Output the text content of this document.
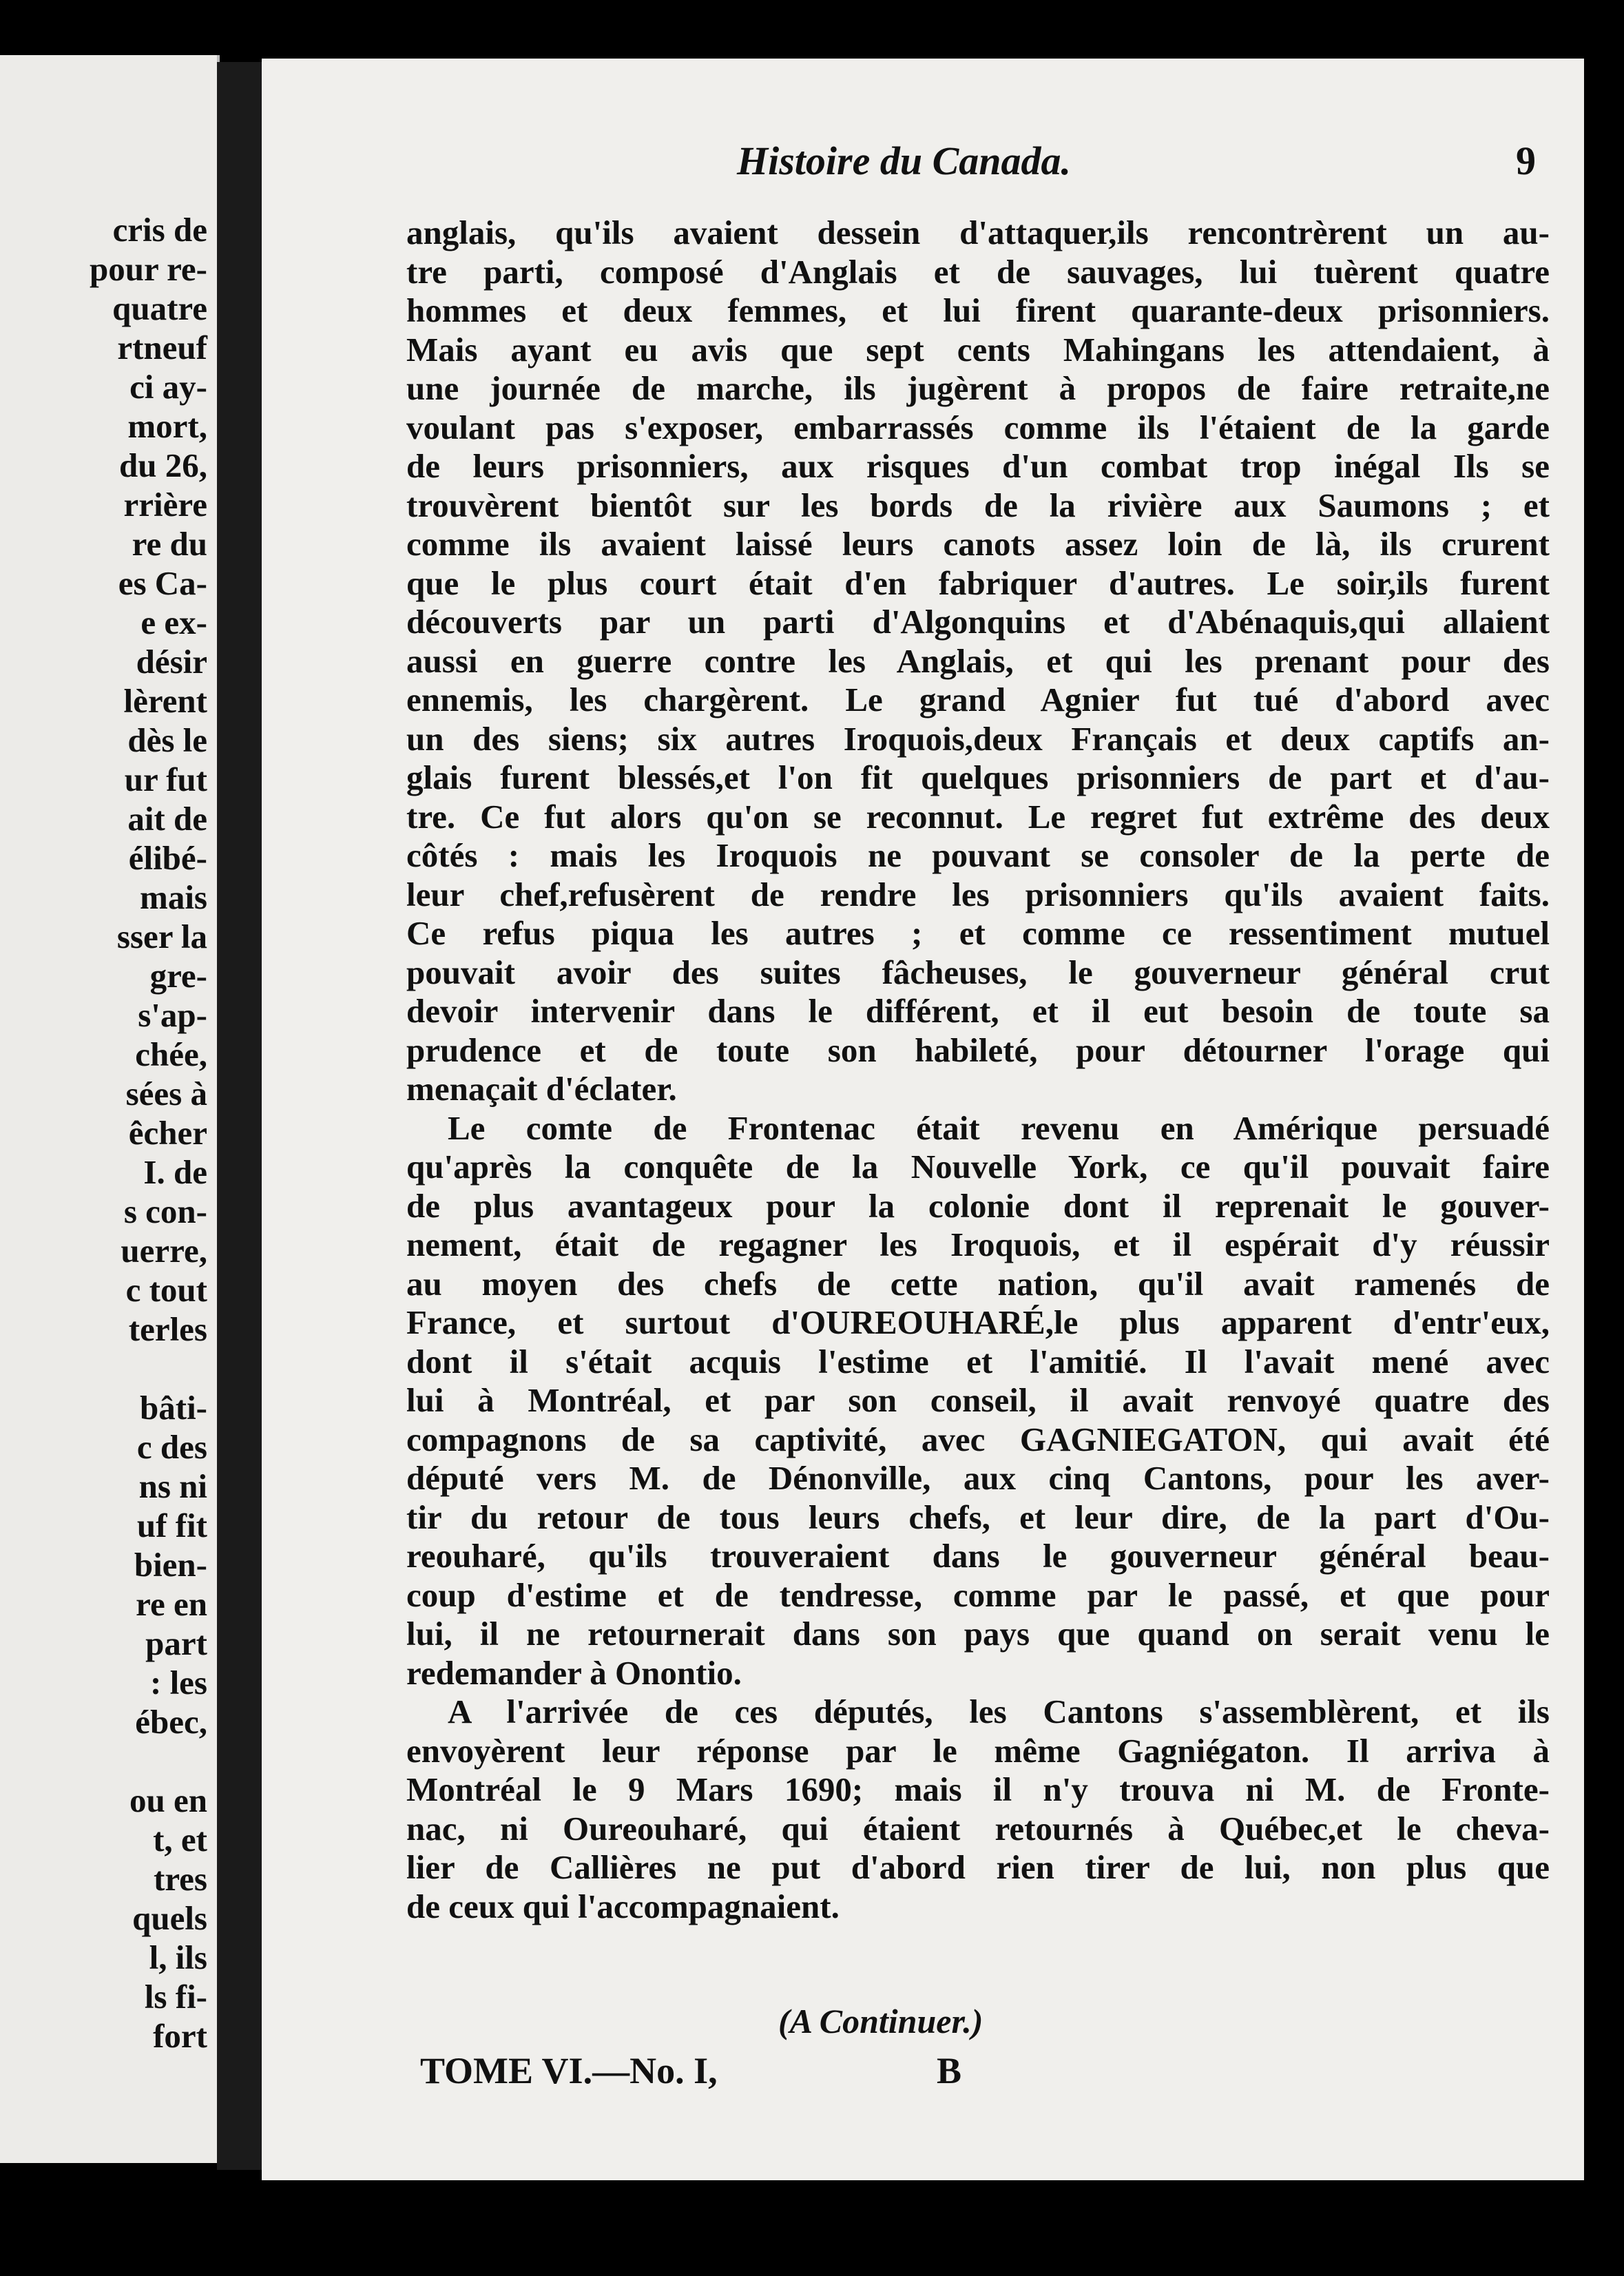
cris de
pour re-
quatre
rtneuf
ci ay-
mort,
du 26,
rrière
re du
es Ca-
e ex-
désir
lèrent
dès le
ur fut
ait de
élibé-
mais
sser la
gre-
s'ap-
chée,
sées à
êcher
I. de
s con-
uerre,
c tout
terles
bâti-
c des
ns ni
uf fit
bien-
re en
part
: les
ébec,
ou en
t, et
tres
quels
l, ils
ls fi-
fort
Histoire du Canada.	9
anglais, qu'ils avaient dessein d'attaquer,ils rencontrèrent un au-
tre parti, composé d'Anglais et de sauvages, lui tuèrent quatre
hommes et deux femmes, et lui firent quarante-deux prisonniers.
Mais ayant eu avis que sept cents Mahingans les attendaient, à
une journée de marche, ils jugèrent à propos de faire retraite,ne
voulant pas s'exposer, embarrassés comme ils l'étaient de la garde
de leurs prisonniers, aux risques d'un combat trop inégal Ils se
trouvèrent bientôt sur les bords de la rivière aux Saumons ; et
comme ils avaient laissé leurs canots assez loin de là, ils crurent
que le plus court était d'en fabriquer d'autres. Le soir,ils furent
découverts par un parti d'Algonquins et d'Abénaquis,qui allaient
aussi en guerre contre les Anglais, et qui les prenant pour des
ennemis, les chargèrent. Le grand Agnier fut tué d'abord avec
un des siens; six autres Iroquois,deux Français et deux captifs an-
glais furent blessés,et l'on fit quelques prisonniers de part et d'au-
tre. Ce fut alors qu'on se reconnut. Le regret fut extrême des deux
côtés : mais les Iroquois ne pouvant se consoler de la perte de
leur chef,refusèrent de rendre les prisonniers qu'ils avaient faits.
Ce refus piqua les autres ; et comme ce ressentiment mutuel
pouvait avoir des suites fâcheuses, le gouverneur général crut
devoir intervenir dans le différent, et il eut besoin de toute sa
prudence et de toute son habileté, pour détourner l'orage qui
menaçait d'éclater.
Le comte de Frontenac était revenu en Amérique persuadé
qu'après la conquête de la Nouvelle York, ce qu'il pouvait faire
de plus avantageux pour la colonie dont il reprenait le gouver-
nement, était de regagner les Iroquois, et il espérait d'y réussir
au moyen des chefs de cette nation, qu'il avait ramenés de
France, et surtout d'OUREOUHARÉ,le plus apparent d'entr'eux,
dont il s'était acquis l'estime et l'amitié. Il l'avait mené avec
lui à Montréal, et par son conseil, il avait renvoyé quatre des
compagnons de sa captivité, avec GAGNIEGATON, qui avait été
député vers M. de Dénonville, aux cinq Cantons, pour les aver-
tir du retour de tous leurs chefs, et leur dire, de la part d'Ou-
reouharé, qu'ils trouveraient dans le gouverneur général beau-
coup d'estime et de tendresse, comme par le passé, et que pour
lui, il ne retournerait dans son pays que quand on serait venu le
redemander à Onontio.
A l'arrivée de ces députés, les Cantons s'assemblèrent, et ils
envoyèrent leur réponse par le même Gagniégaton. Il arriva à
Montréal le 9 Mars 1690; mais il n'y trouva ni M. de Fronte-
nac, ni Oureouharé, qui étaient retournés à Québec,et le cheva-
lier de Callières ne put d'abord rien tirer de lui, non plus que
de ceux qui l'accompagnaient.
(A Continuer.)
TOME VI.—No. I,	B
